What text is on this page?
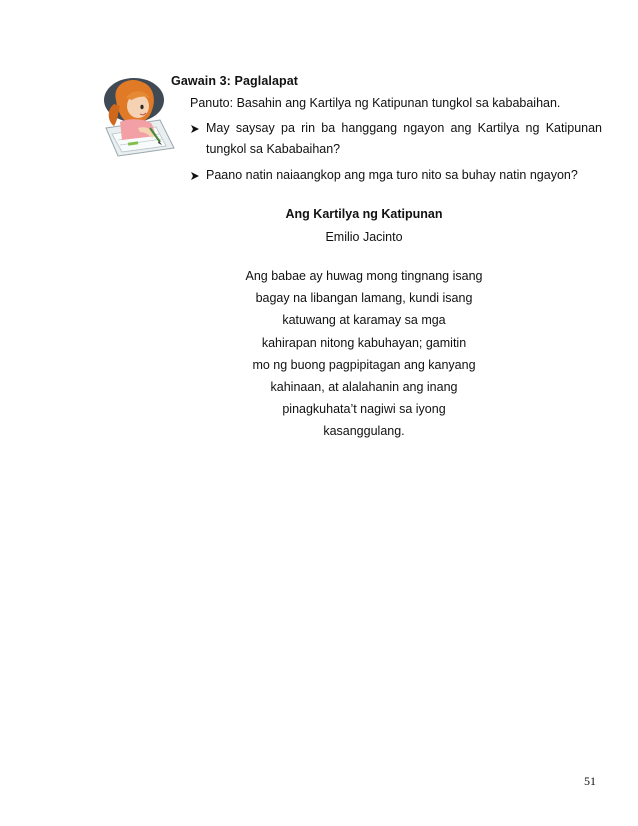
Gawain 3: Paglalapat
Panuto: Basahin ang Kartilya ng Katipunan tungkol sa kababaihan.
May saysay pa rin ba hanggang ngayon ang Kartilya ng Katipunan
tungkol sa Kababaihan?
Paano natin naiaangkop ang mga turo nito sa buhay natin ngayon?
Ang Kartilya ng Katipunan
Emilio Jacinto
Ang babae ay huwag mong tingnang isang
bagay na libangan lamang, kundi isang
katuwang at karamay sa mga
kahirapan nitong kabuhayan; gamitin
mo ng buong pagpipitagan ang kanyang
kahinaan, at alalahanin ang inang
pinagkuhata’t nagiwi sa iyong
kasanggulang.
51
